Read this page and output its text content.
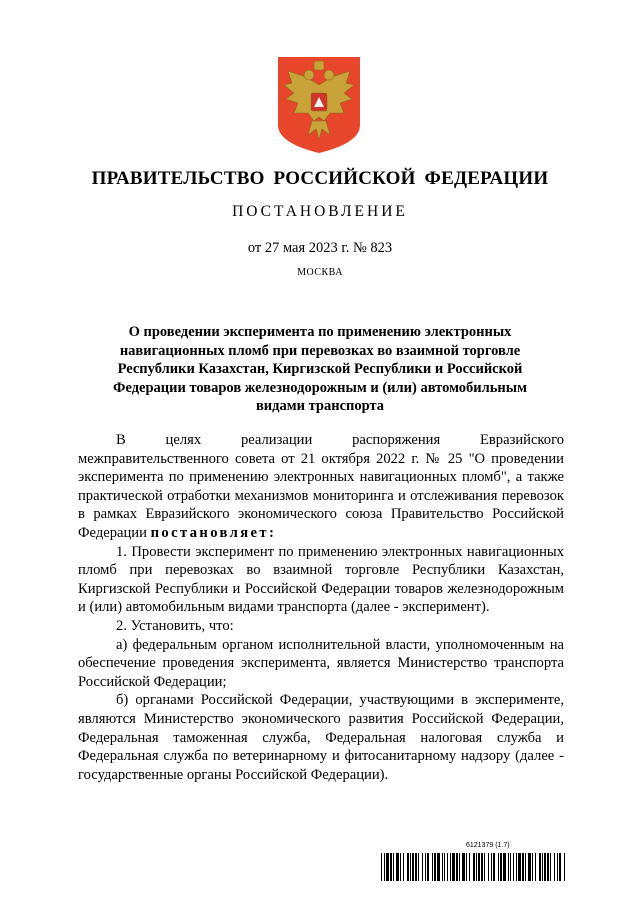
ПРАВИТЕЛЬСТВО РОССИЙСКОЙ ФЕДЕРАЦИИ
ПОСТАНОВЛЕНИЕ
от 27 мая 2023 г. № 823
МОСКВА
О проведении эксперимента по применению электронных навигационных пломб при перевозках во взаимной торговле Республики Казахстан, Киргизской Республики и Российской Федерации товаров железнодорожным и (или) автомобильным видами транспорта

В целях реализации распоряжения Евразийского межправительственного совета от 21 октября 2022 г. № 25 "О проведении эксперимента по применению электронных навигационных пломб", а также практической отработки механизмов мониторинга и отслеживания перевозок в рамках Евразийского экономического союза Правительство Российской Федерации постановляет:

1. Провести эксперимент по применению электронных навигационных пломб при перевозках во взаимной торговле Республики Казахстан, Киргизской Республики и Российской Федерации товаров железнодорожным и (или) автомобильным видами транспорта (далее - эксперимент).

2. Установить, что:

а) федеральным органом исполнительной власти, уполномоченным на обеспечение проведения эксперимента, является Министерство транспорта Российской Федерации;

б) органами Российской Федерации, участвующими в эксперименте, являются Министерство экономического развития Российской Федерации, Федеральная таможенная служба, Федеральная налоговая служба и Федеральная служба по ветеринарному и фитосанитарному надзору (далее - государственные органы Российской Федерации).

6121379 (1.7)
